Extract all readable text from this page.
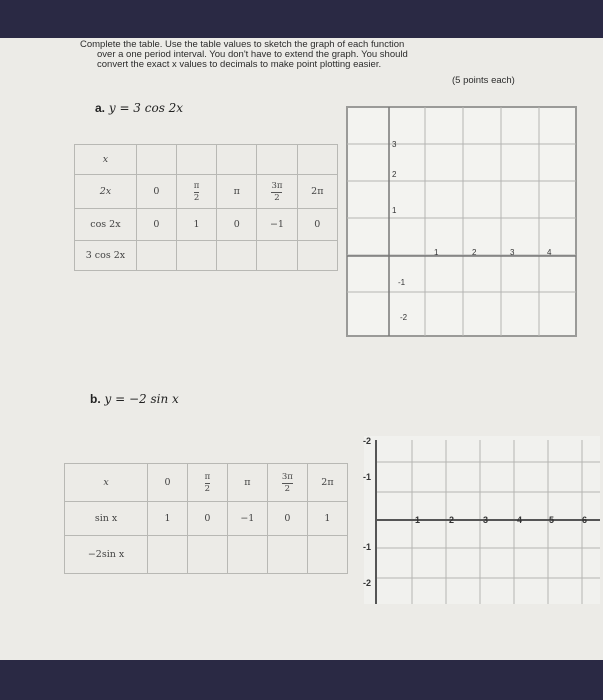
Complete the table. Use the table values to sketch the graph of each function
over a one period interval. You don't have to extend the graph. You should
convert the exact x values to decimals to make point plotting easier.
(5 points each)
a. y = 3 cos 2x
x					
2x	0	$\frac{\pi}{2}$	π	$\frac{3\pi}{2}$	2π
cos 2x	0	1	0	−1	0
3 cos 2x					
3
2
1
-1
-2
1	2	3	4
b. y = −2 sin x
x	0	$\frac{\pi}{2}$	π	$\frac{3\pi}{2}$	2π
sin x	1	0	−1	0	1
−2sin x					
-2
-1
-1
-2
1	2	3	4	5	6
